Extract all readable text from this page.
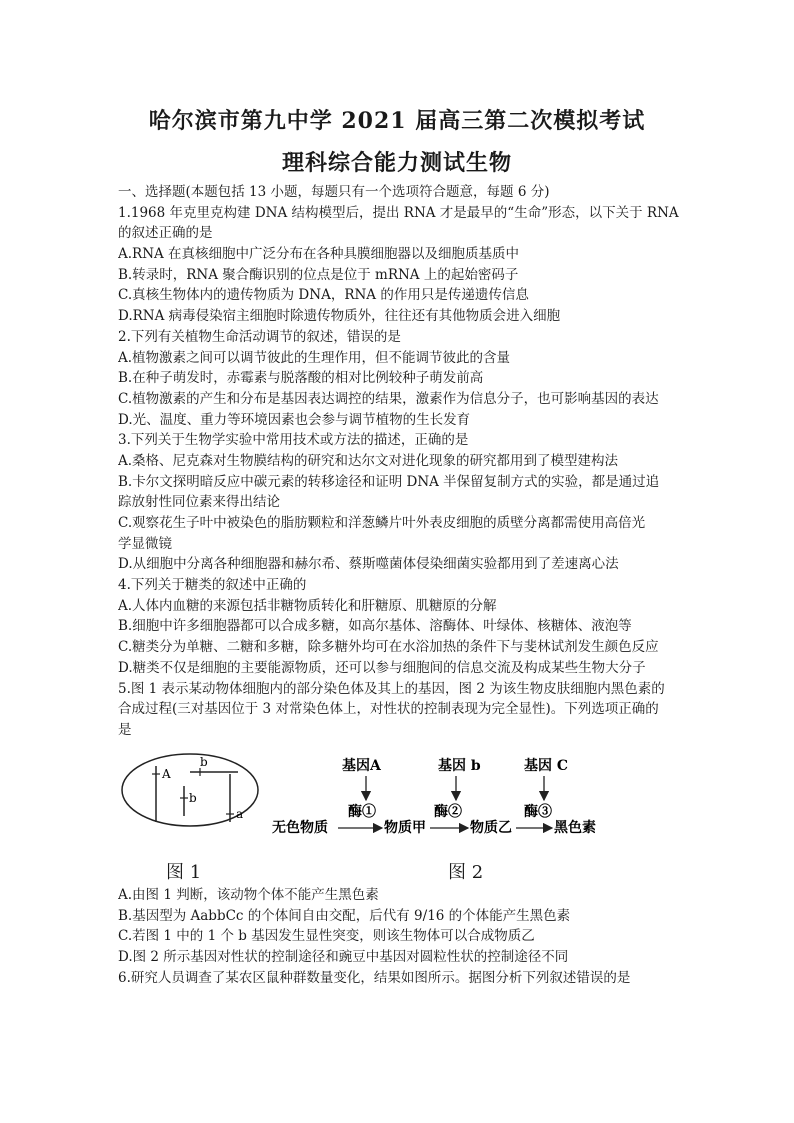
哈尔滨市第九中学 2021 届高三第二次模拟考试
理科综合能力测试生物
一、选择题(本题包括 13 小题，每题只有一个选项符合题意，每题 6 分)
1.1968 年克里克构建 DNA 结构模型后，提出 RNA 才是最早的“生命”形态，以下关于 RNA
的叙述正确的是
A.RNA 在真核细胞中广泛分布在各种具膜细胞器以及细胞质基质中
B.转录时，RNA 聚合酶识别的位点是位于 mRNA 上的起始密码子
C.真核生物体内的遗传物质为 DNA，RNA 的作用只是传递遗传信息
D.RNA 病毒侵染宿主细胞时除遗传物质外，往往还有其他物质会进入细胞
2.下列有关植物生命活动调节的叙述，错误的是
A.植物激素之间可以调节彼此的生理作用，但不能调节彼此的含量
B.在种子萌发时，赤霉素与脱落酸的相对比例较种子萌发前高
C.植物激素的产生和分布是基因表达调控的结果，激素作为信息分子，也可影响基因的表达
D.光、温度、重力等环境因素也会参与调节植物的生长发育
3.下列关于生物学实验中常用技术或方法的描述，正确的是
A.桑格、尼克森对生物膜结构的研究和达尔文对进化现象的研究都用到了模型建构法
B.卡尔文探明暗反应中碳元素的转移途径和证明 DNA 半保留复制方式的实验，都是通过追
踪放射性同位素来得出结论
C.观察花生子叶中被染色的脂肪颗粒和洋葱鳞片叶外表皮细胞的质壁分离都需使用高倍光
学显微镜
D.从细胞中分离各种细胞器和赫尔希、蔡斯噬菌体侵染细菌实验都用到了差速离心法
4.下列关于糖类的叙述中正确的
A.人体内血糖的来源包括非糖物质转化和肝糖原、肌糖原的分解
B.细胞中许多细胞器都可以合成多糖，如高尔基体、溶酶体、叶绿体、核糖体、液泡等
C.糖类分为单糖、二糖和多糖，除多糖外均可在水浴加热的条件下与斐林试剂发生颜色反应
D.糖类不仅是细胞的主要能源物质，还可以参与细胞间的信息交流及构成某些生物大分子
5.图 1 表示某动物体细胞内的部分染色体及其上的基因，图 2 为该生物皮肤细胞内黑色素的
合成过程(三对基因位于 3 对常染色体上，对性状的控制表现为完全显性)。下列选项正确的
是
A
b
b
a
图 1
基因A	基因 b	基因 C
酶①	酶②	酶③
无色物质	物质甲	物质乙	黑色素
图 2
A.由图 1 判断，该动物个体不能产生黑色素
B.基因型为 AabbCc 的个体间自由交配，后代有 9/16 的个体能产生黑色素
C.若图 1 中的 1 个 b 基因发生显性突变，则该生物体可以合成物质乙
D.图 2 所示基因对性状的控制途径和豌豆中基因对圆粒性状的控制途径不同
6.研究人员调查了某农区鼠种群数量变化，结果如图所示。据图分析下列叙述错误的是
